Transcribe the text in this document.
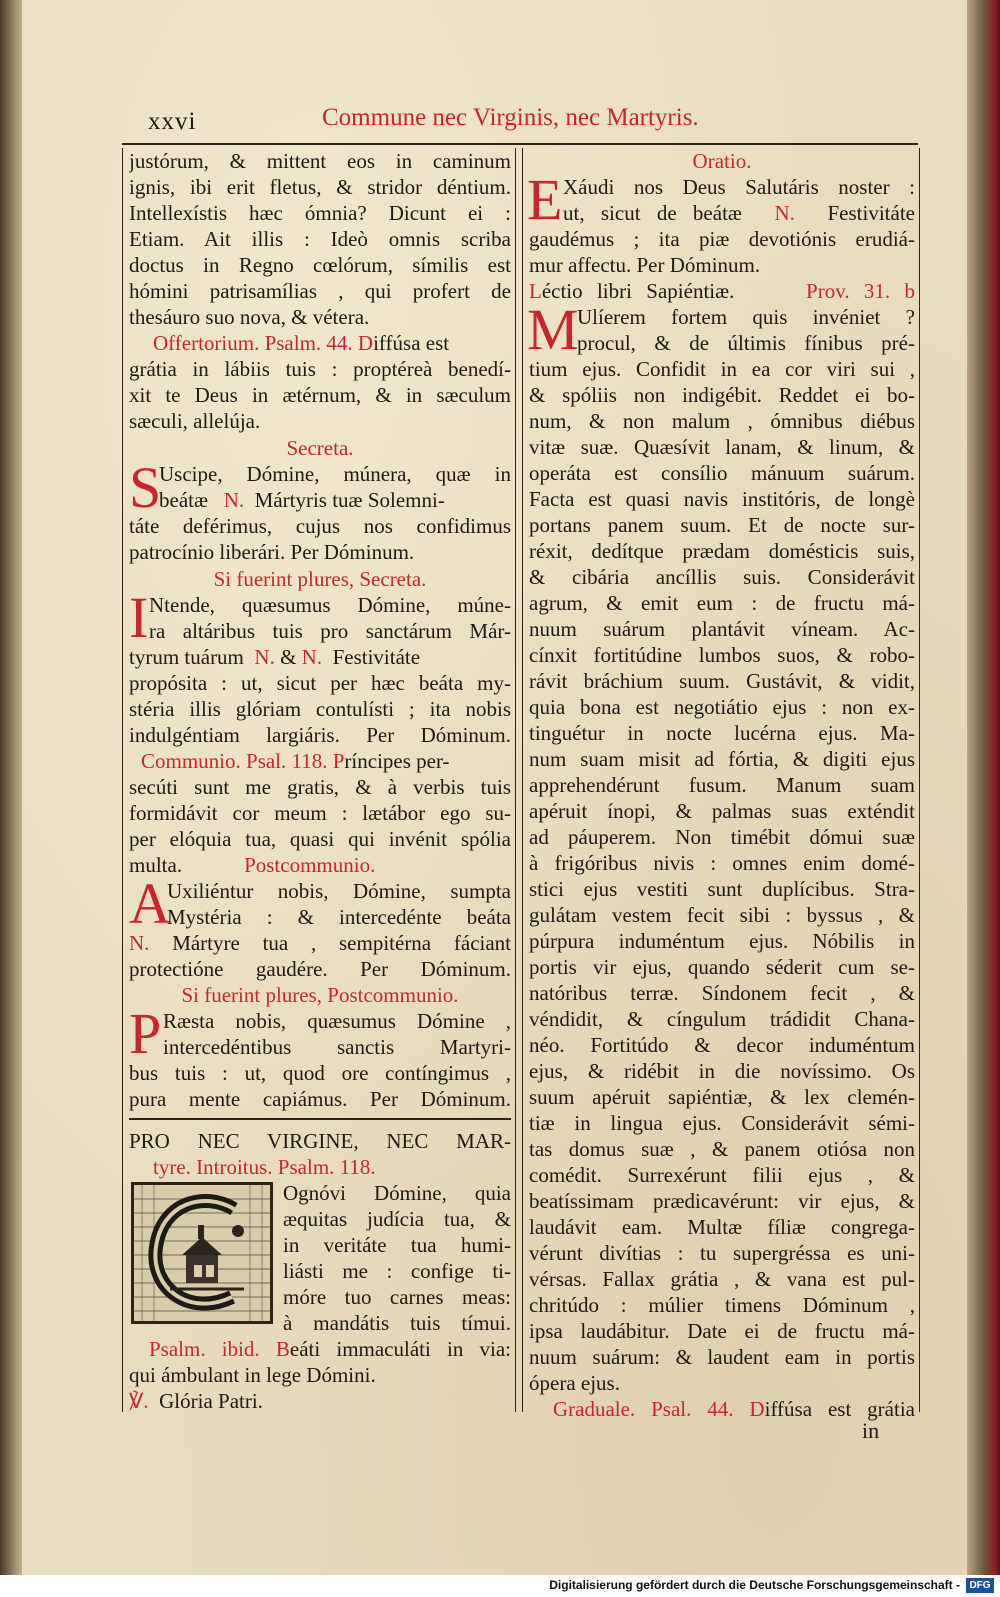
xxvi	Commune nec Virginis, nec Martyris.
justórum, & mittent eos in caminum
ignis, ibi erit fletus, & stridor déntium.
Intellexístis hæc ómnia? Dicunt ei :
Etiam. Ait illis : Ideò omnis scriba
doctus in Regno cœlórum, símilis est
hómini patrisamílias , qui profert de
thesáuro suo nova, & vétera.
Offertorium. Psalm. 44. Diffúsa est
grátia in lábiis tuis : proptéreà benedí-
xit te Deus in ætérnum, & in sæculum
sæculi, allelúja.
Secreta.
S
Uscipe, Dómine, múnera, quæ in
beátæ N. Mártyris tuæ Solemni-
táte deférimus, cujus nos confidimus
patrocínio liberári. Per Dóminum.
Si fuerint plures, Secreta.
I Ntende, quæsumus Dómine, múne-
ra altáribus tuis pro sanctárum Már-
tyrum tuárum N. & N. Festivitáte
propósita : ut, sicut per hæc beáta my-
stéria illis glóriam contulísti ; ita nobis
indulgéntiam largiáris. Per Dóminum.
Communio. Psal. 118. Príncipes per-
secúti sunt me gratis, & à verbis tuis
formidávit cor meum : lætábor ego su-
per elóquia tua, quasi qui invénit spólia
multa.	Postcommunio.
A
Uxiliéntur nobis, Dómine, sumpta
Mystéria : & intercedénte beáta
N. Mártyre tua , sempitérna fáciant
protectióne gaudére. Per Dóminum.
Si fuerint plures, Postcommunio.
P Ræsta nobis, quæsumus Dómine ,
intercedéntibus sanctis Martyri-
bus tuis : ut, quod ore contíngimus ,
pura mente capiámus. Per Dóminum.
PRO NEC VIRGINE, NEC MAR-
tyre. Introitus. Psalm. 118.
Ognóvi Dómine, quia
æquitas judícia tua, &
in veritáte tua humi-
liásti me : confige ti-
móre tuo carnes meas:
à mandátis tuis tímui.
Psalm. ibid. Beáti immaculáti in via:
qui ámbulant in lege Dómini.
℣. Glória Patri.
Oratio.
E Xáudi nos Deus Salutáris noster :
ut, sicut de beátæ N. Festivitáte
gaudémus ; ita piæ devotiónis erudiá-
mur affectu. Per Dóminum.
Léctio libri Sapiéntiæ.	Prov. 31. b
M
Ulíerem fortem quis invéniet ?
procul, & de últimis fínibus pré-
tium ejus. Confidit in ea cor viri sui ,
& spóliis non indigébit. Reddet ei bo-
num, & non malum , ómnibus diébus
vitæ suæ. Quæsívit lanam, & linum, &
operáta est consílio mánuum suárum.
Facta est quasi navis institóris, de longè
portans panem suum. Et de nocte sur-
réxit, dedítque prædam domésticis suis,
& cibária ancíllis suis. Considerávit
agrum, & emit eum : de fructu má-
nuum suárum plantávit víneam. Ac-
cínxit fortitúdine lumbos suos, & robo-
rávit bráchium suum. Gustávit, & vidit,
quia bona est negotiátio ejus : non ex-
tinguétur in nocte lucérna ejus. Ma-
num suam misit ad fórtia, & digiti ejus
apprehendérunt fusum. Manum suam
apéruit ínopi, & palmas suas exténdit
ad páuperem. Non timébit dómui suæ
à frigóribus nivis : omnes enim domé-
stici ejus vestiti sunt duplícibus. Stra-
gulátam vestem fecit sibi : byssus , &
púrpura induméntum ejus. Nóbilis in
portis vir ejus, quando séderit cum se-
natóribus terræ. Síndonem fecit , &
véndidit, & cíngulum trádidit Chana-
néo. Fortitúdo & decor induméntum
ejus, & ridébit in die novíssimo. Os
suum apéruit sapiéntiæ, & lex clemén-
tiæ in lingua ejus. Considerávit sémi-
tas domus suæ , & panem otiósa non
comédit. Surrexérunt filii ejus , &
beatíssimam prædicavérunt: vir ejus, &
laudávit eam. Multæ fíliæ congrega-
vérunt divítias : tu supergréssa es uni-
vérsas. Fallax grátia , & vana est pul-
chritúdo : múlier timens Dóminum ,
ipsa laudábitur. Date ei de fructu má-
nuum suárum: & laudent eam in portis
ópera ejus.
Graduale. Psal. 44. Diffúsa est grátia
in
Digitalisierung gefördert durch die Deutsche Forschungsgemeinschaft - DFG
